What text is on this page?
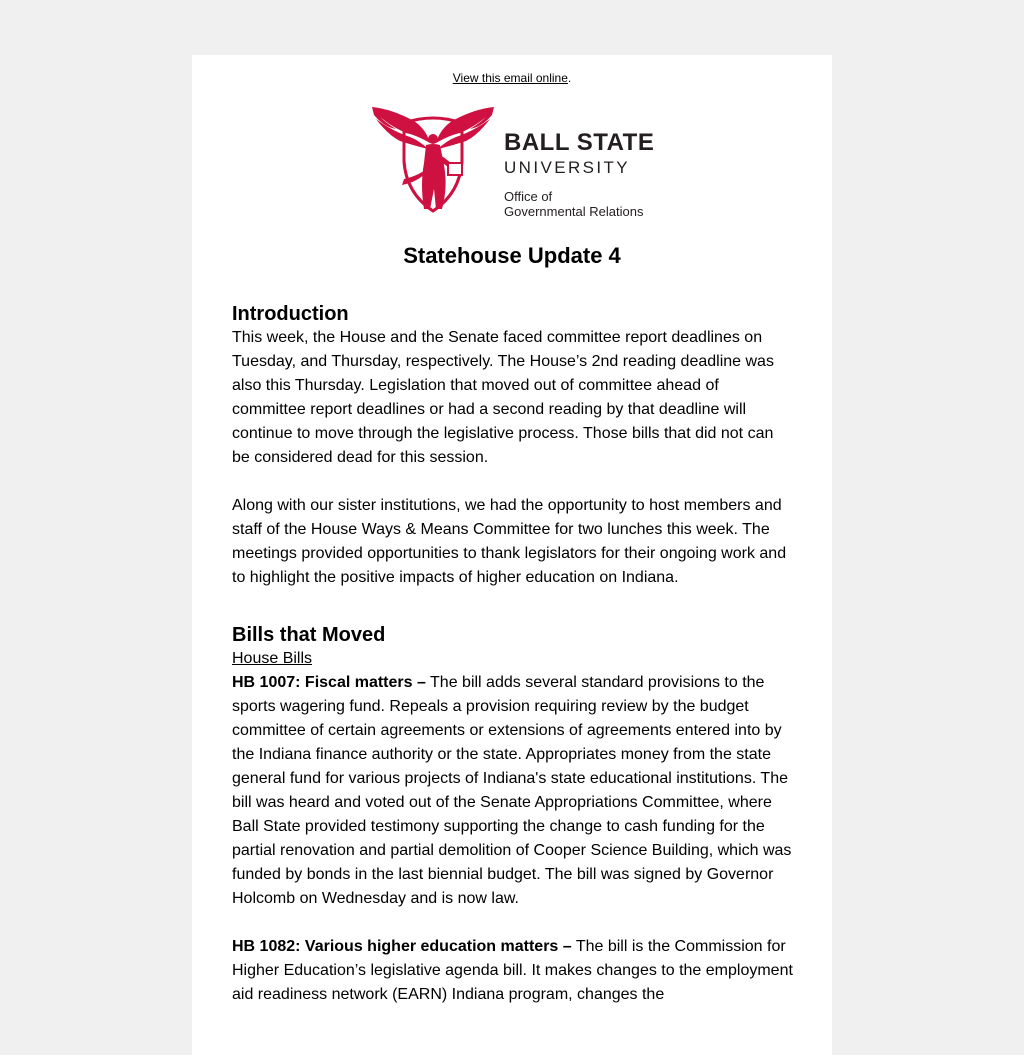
View this email online.
BALL STATE
UNIVERSITY
Office of
Governmental Relations
Statehouse Update 4
Introduction

This week, the House and the Senate faced committee report deadlines on Tuesday, and Thursday, respectively. The House’s 2nd reading deadline was also this Thursday. Legislation that moved out of committee ahead of committee report deadlines or had a second reading by that deadline will continue to move through the legislative process. Those bills that did not can be considered dead for this session.

Along with our sister institutions, we had the opportunity to host members and staff of the House Ways & Means Committee for two lunches this week. The meetings provided opportunities to thank legislators for their ongoing work and to highlight the positive impacts of higher education on Indiana.

Bills that Moved

House Bills

HB 1007: Fiscal matters – The bill adds several standard provisions to the sports wagering fund. Repeals a provision requiring review by the budget committee of certain agreements or extensions of agreements entered into by the Indiana finance authority or the state. Appropriates money from the state general fund for various projects of Indiana's state educational institutions. The bill was heard and voted out of the Senate Appropriations Committee, where Ball State provided testimony supporting the change to cash funding for the partial renovation and partial demolition of Cooper Science Building, which was funded by bonds in the last biennial budget. The bill was signed by Governor Holcomb on Wednesday and is now law.

HB 1082: Various higher education matters – The bill is the Commission for Higher Education’s legislative agenda bill. It makes changes to the employment aid readiness network (EARN) Indiana program, changes the
